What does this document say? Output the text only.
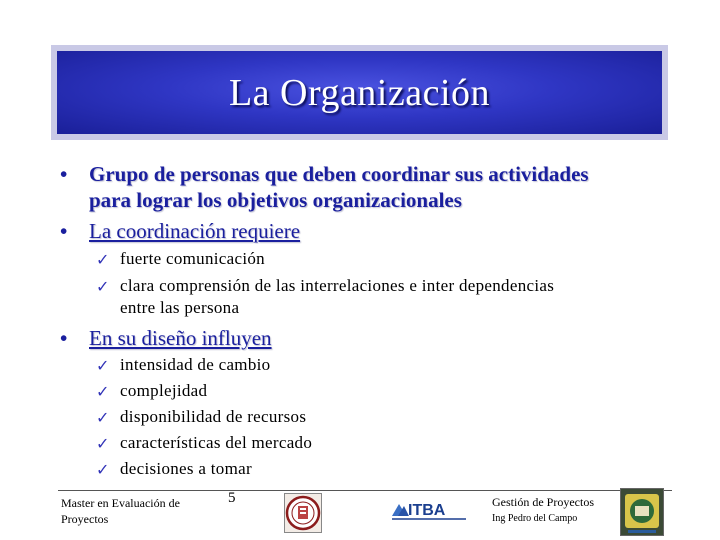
La Organización
• Grupo de personas que deben coordinar sus actividades
para lograr los objetivos organizacionales
• La coordinación requiere
✓ fuerte comunicación
✓ clara comprensión de las interrelaciones e inter dependencias
entre las persona
• En su diseño influyen
✓ intensidad de cambio
✓ complejidad
✓ disponibilidad de recursos
✓ características del mercado
✓ decisiones a tomar
Master en Evaluación de
Proyectos
5
ITBA	Gestión de Proyectos
Ing Pedro del Campo
